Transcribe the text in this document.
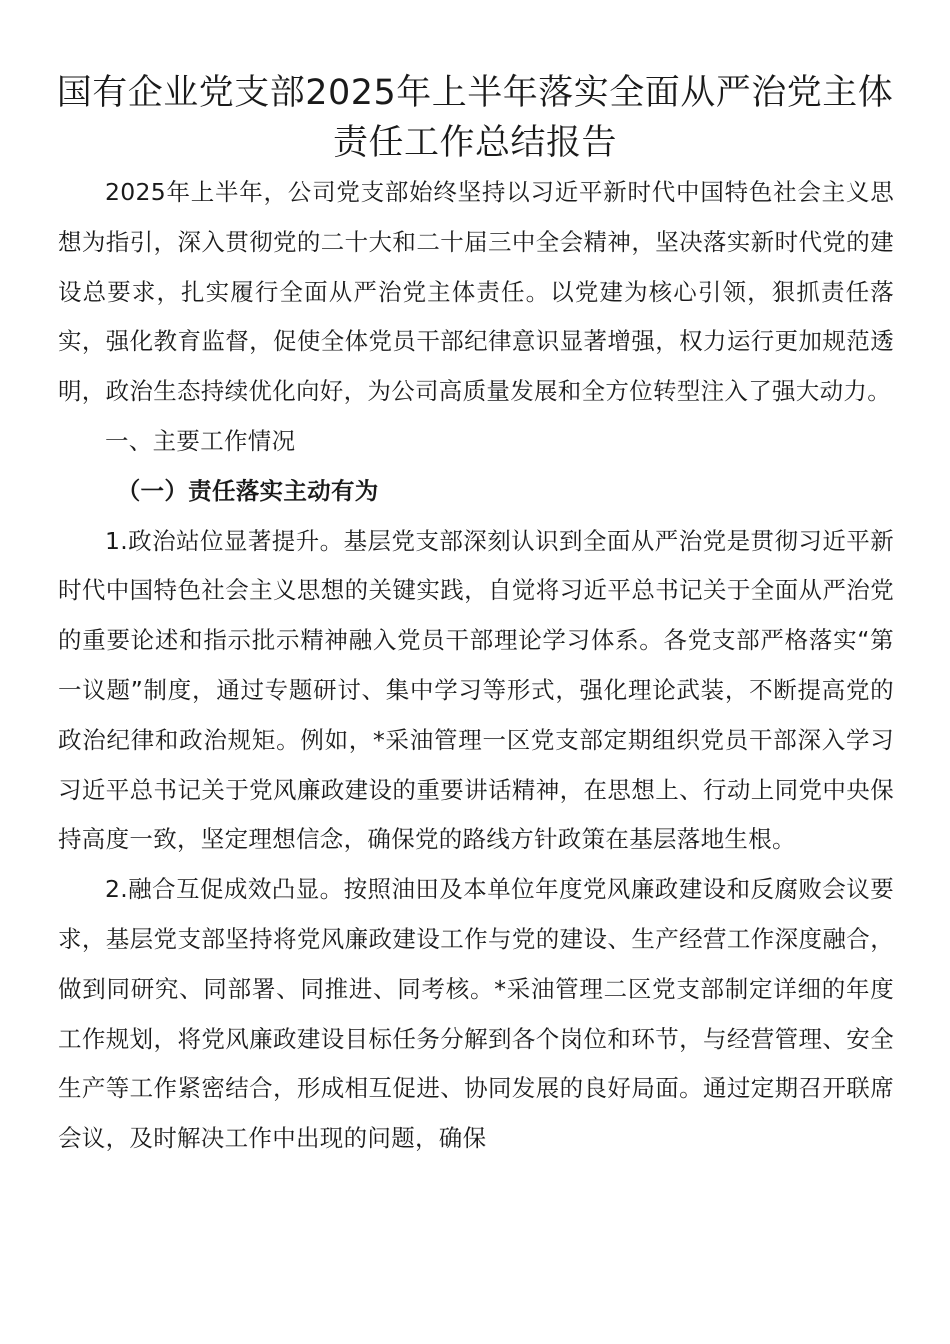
国有企业党支部2025年上半年落实全面从严治党主体责任工作总结报告

2025年上半年，公司党支部始终坚持以习近平新时代中国特色社会主义思想为指引，深入贯彻党的二十大和二十届三中全会精神，坚决落实新时代党的建设总要求，扎实履行全面从严治党主体责任。以党建为核心引领，狠抓责任落实，强化教育监督，促使全体党员干部纪律意识显著增强，权力运行更加规范透明，政治生态持续优化向好，为公司高质量发展和全方位转型注入了强大动力。

一、主要工作情况

（一）责任落实主动有为

1.政治站位显著提升。基层党支部深刻认识到全面从严治党是贯彻习近平新时代中国特色社会主义思想的关键实践，自觉将习近平总书记关于全面从严治党的重要论述和指示批示精神融入党员干部理论学习体系。各党支部严格落实“第一议题”制度，通过专题研讨、集中学习等形式，强化理论武装，不断提高党的政治纪律和政治规矩。例如，*采油管理一区党支部定期组织党员干部深入学习习近平总书记关于党风廉政建设的重要讲话精神，在思想上、行动上同党中央保持高度一致，坚定理想信念，确保党的路线方针政策在基层落地生根。

2.融合互促成效凸显。按照油田及本单位年度党风廉政建设和反腐败会议要求，基层党支部坚持将党风廉政建设工作与党的建设、生产经营工作深度融合，做到同研究、同部署、同推进、同考核。*采油管理二区党支部制定详细的年度工作规划，将党风廉政建设目标任务分解到各个岗位和环节，与经营管理、安全生产等工作紧密结合，形成相互促进、协同发展的良好局面。通过定期召开联席会议，及时解决工作中出现的问题，确保
